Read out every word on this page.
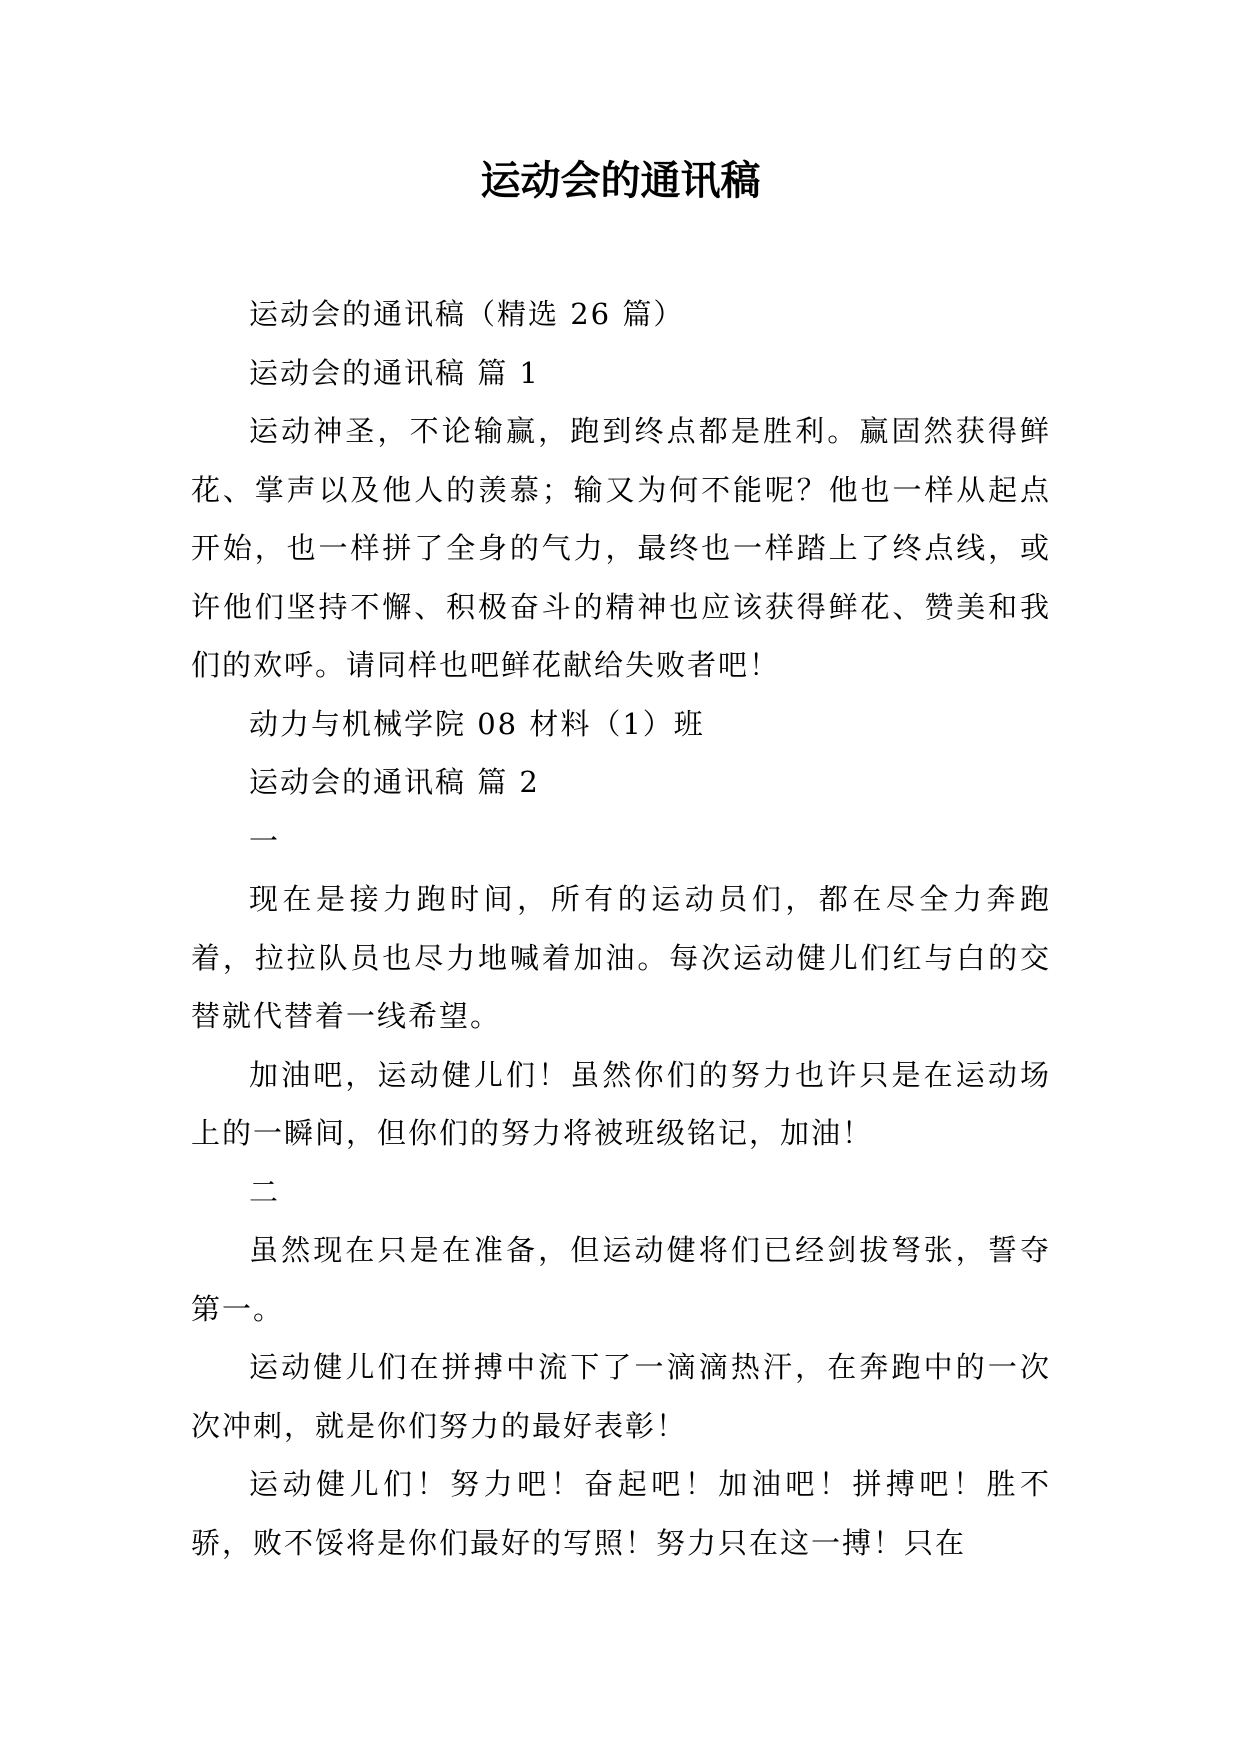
运动会的通讯稿

运动会的通讯稿（精选 26 篇）

运动会的通讯稿 篇 1

运动神圣，不论输赢，跑到终点都是胜利。赢固然获得鲜花、掌声以及他人的羡慕；输又为何不能呢？他也一样从起点开始，也一样拼了全身的气力，最终也一样踏上了终点线，或许他们坚持不懈、积极奋斗的精神也应该获得鲜花、赞美和我们的欢呼。请同样也吧鲜花献给失败者吧！

动力与机械学院 08 材料（1）班

运动会的通讯稿 篇 2

一

现在是接力跑时间，所有的运动员们，都在尽全力奔跑着，拉拉队员也尽力地喊着加油。每次运动健儿们红与白的交替就代替着一线希望。

加油吧，运动健儿们！虽然你们的努力也许只是在运动场上的一瞬间，但你们的努力将被班级铭记，加油！

二

虽然现在只是在准备，但运动健将们已经剑拔弩张，誓夺第一。

运动健儿们在拼搏中流下了一滴滴热汗，在奔跑中的一次次冲刺，就是你们努力的最好表彰！

运动健儿们！努力吧！奋起吧！加油吧！拼搏吧！胜不骄，败不馁将是你们最好的写照！努力只在这一搏！只在
